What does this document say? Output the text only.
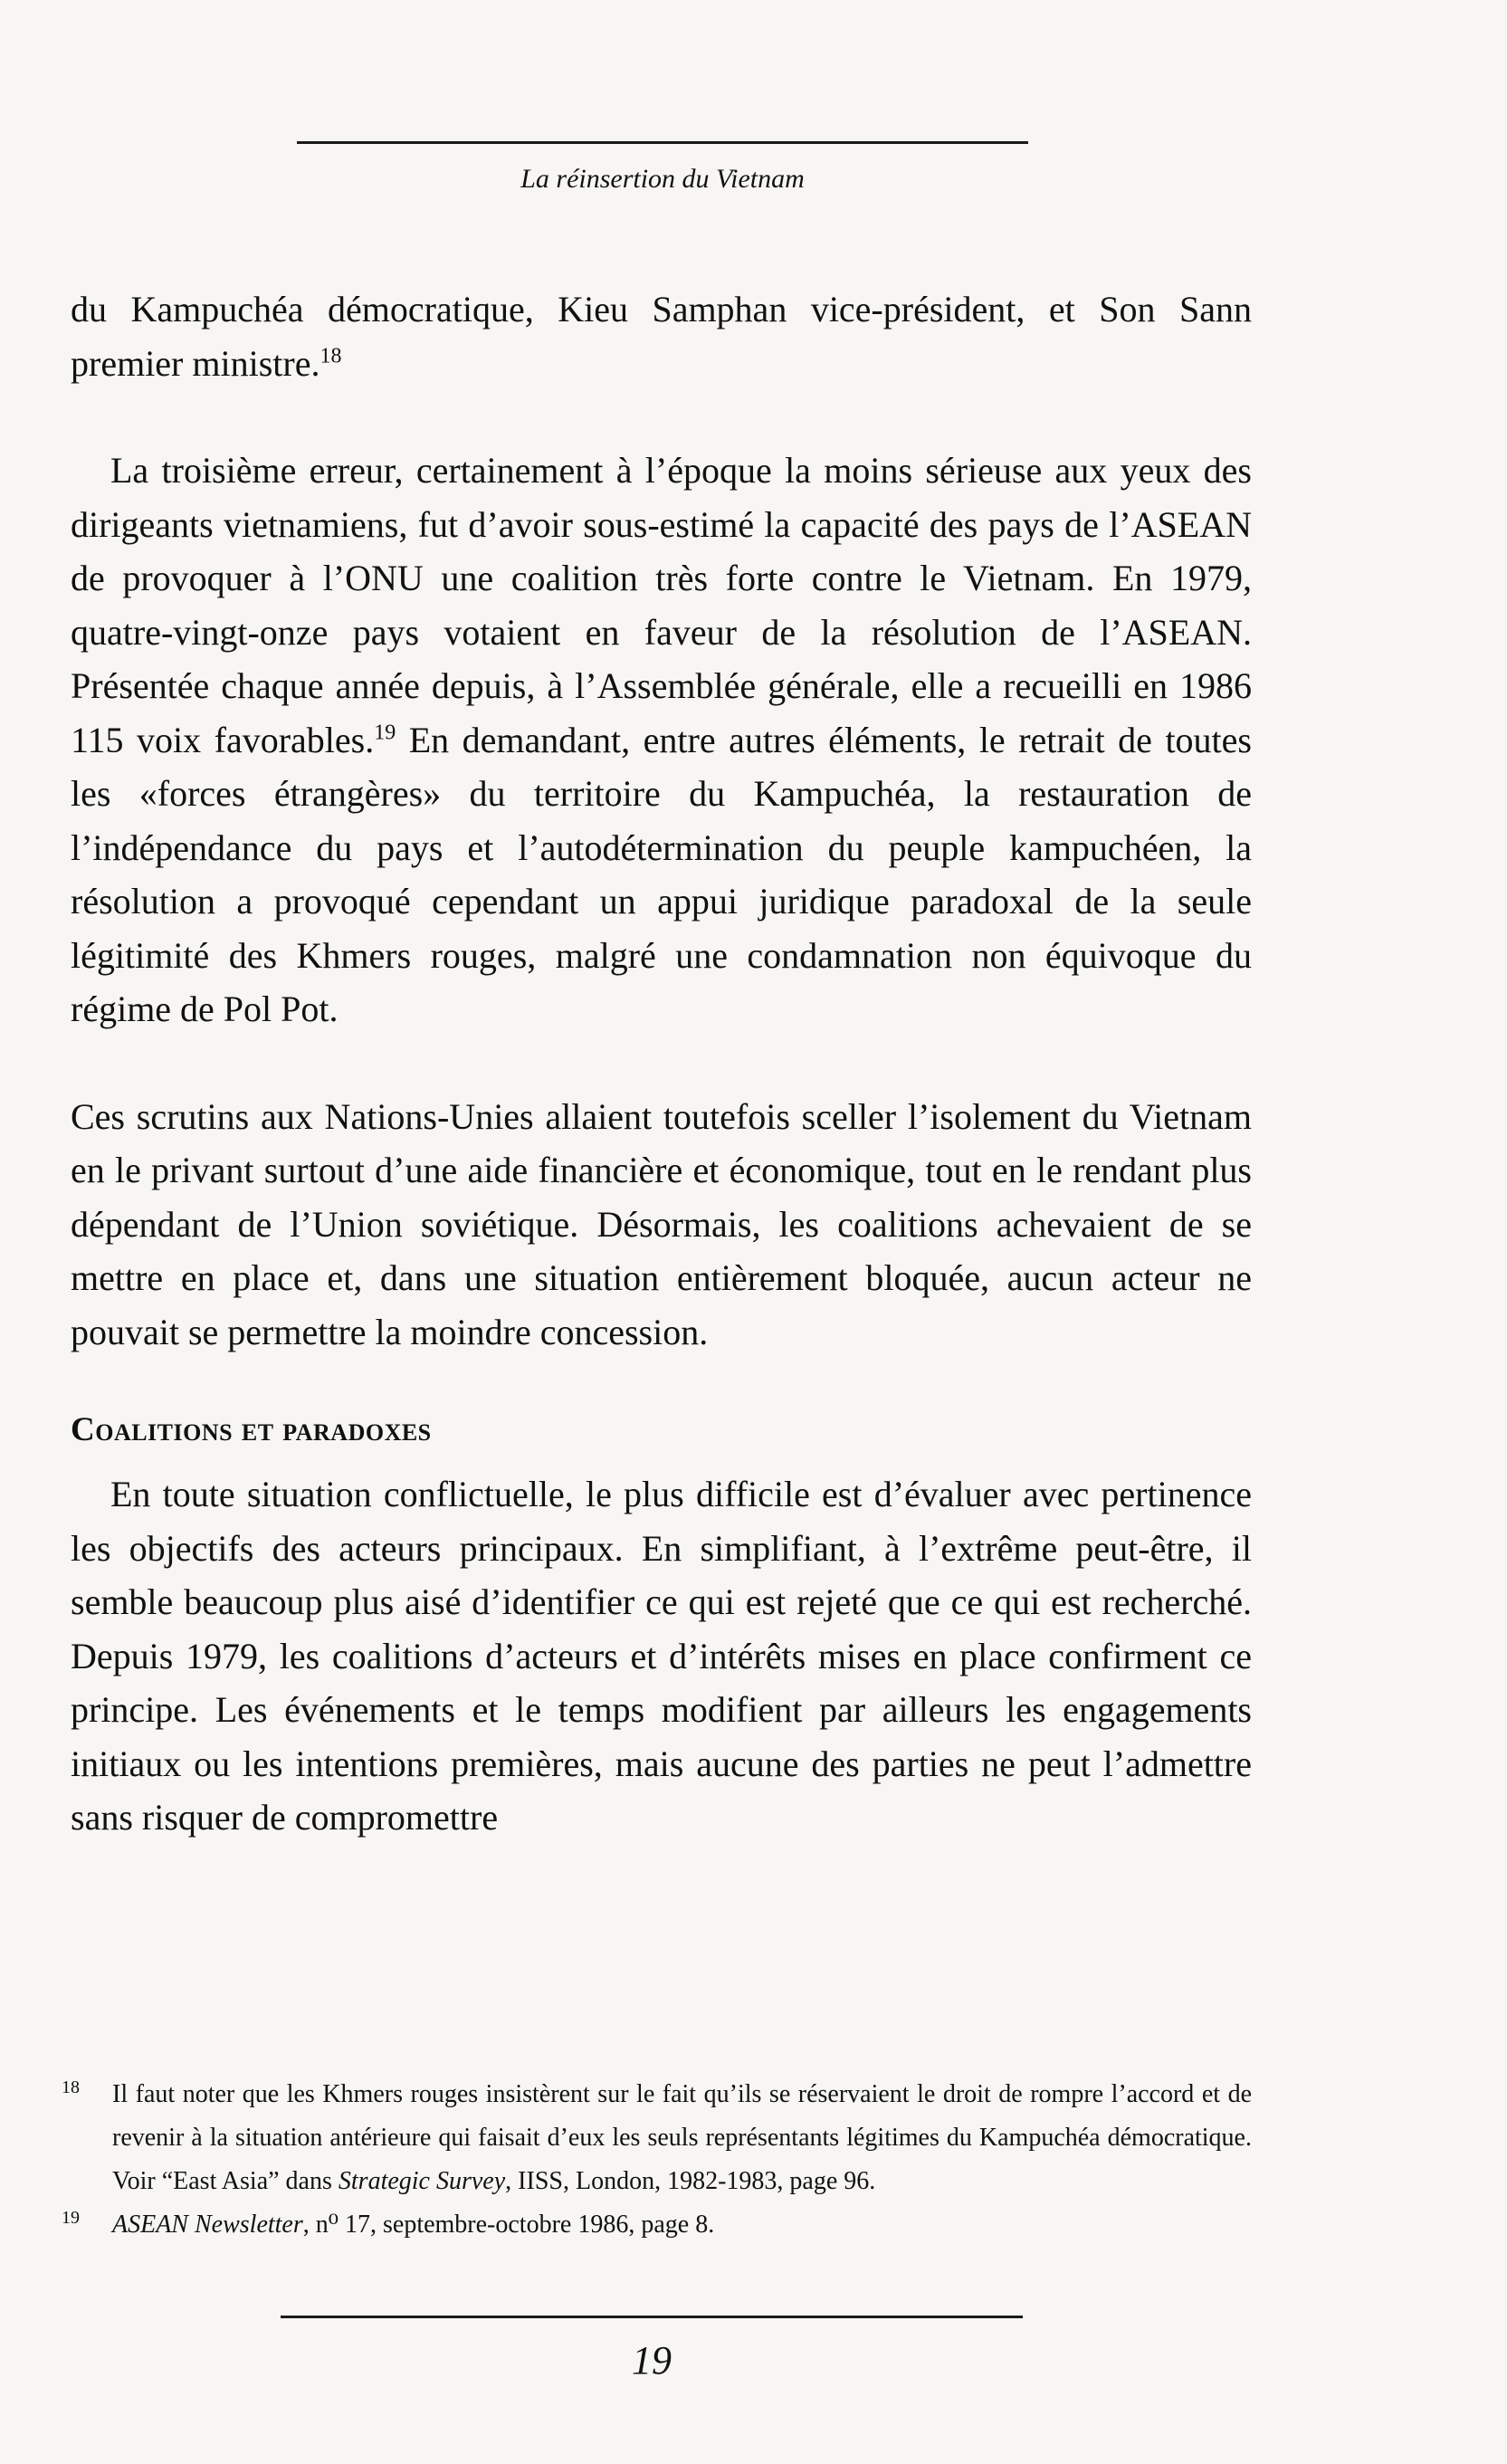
La réinsertion du Vietnam

du Kampuchéa démocratique, Kieu Samphan vice-président, et Son Sann premier ministre.$^{18}$

La troisième erreur, certainement à l’époque la moins sérieuse aux yeux des dirigeants vietnamiens, fut d’avoir sous-estimé la capacité des pays de l’ASEAN de provoquer à l’ONU une coalition très forte contre le Vietnam. En 1979, quatre-vingt-onze pays votaient en faveur de la résolution de l’ASEAN. Présentée chaque année depuis, à l’Assemblée générale, elle a recueilli en 1986 115 voix favorables.$^{19}$ En demandant, entre autres éléments, le retrait de toutes les «forces étrangères» du territoire du Kampuchéa, la restauration de l’indépendance du pays et l’autodétermination du peuple kampuchéen, la résolution a provoqué cependant un appui juridique paradoxal de la seule légitimité des Khmers rouges, malgré une condamnation non équivoque du régime de Pol Pot.

Ces scrutins aux Nations-Unies allaient toutefois sceller l’isolement du Vietnam en le privant surtout d’une aide financière et économique, tout en le rendant plus dépendant de l’Union soviétique. Désormais, les coalitions achevaient de se mettre en place et, dans une situation entièrement bloquée, aucun acteur ne pouvait se permettre la moindre concession.

Coalitions et paradoxes

En toute situation conflictuelle, le plus difficile est d’évaluer avec pertinence les objectifs des acteurs principaux. En simplifiant, à l’extrême peut-être, il semble beaucoup plus aisé d’identifier ce qui est rejeté que ce qui est recherché. Depuis 1979, les coalitions d’acteurs et d’intérêts mises en place confirment ce principe. Les événements et le temps modifient par ailleurs les engagements initiaux ou les intentions premières, mais aucune des parties ne peut l’admettre sans risquer de compromettre

18 Il faut noter que les Khmers rouges insistèrent sur le fait qu’ils se réservaient le droit de rompre l’accord et de revenir à la situation antérieure qui faisait d’eux les seuls représentants légitimes du Kampuchéa démocratique. Voir “East Asia” dans Strategic Survey, IISS, London, 1982-1983, page 96.

19 ASEAN Newsletter, n⁰ 17, septembre-octobre 1986, page 8.

19
